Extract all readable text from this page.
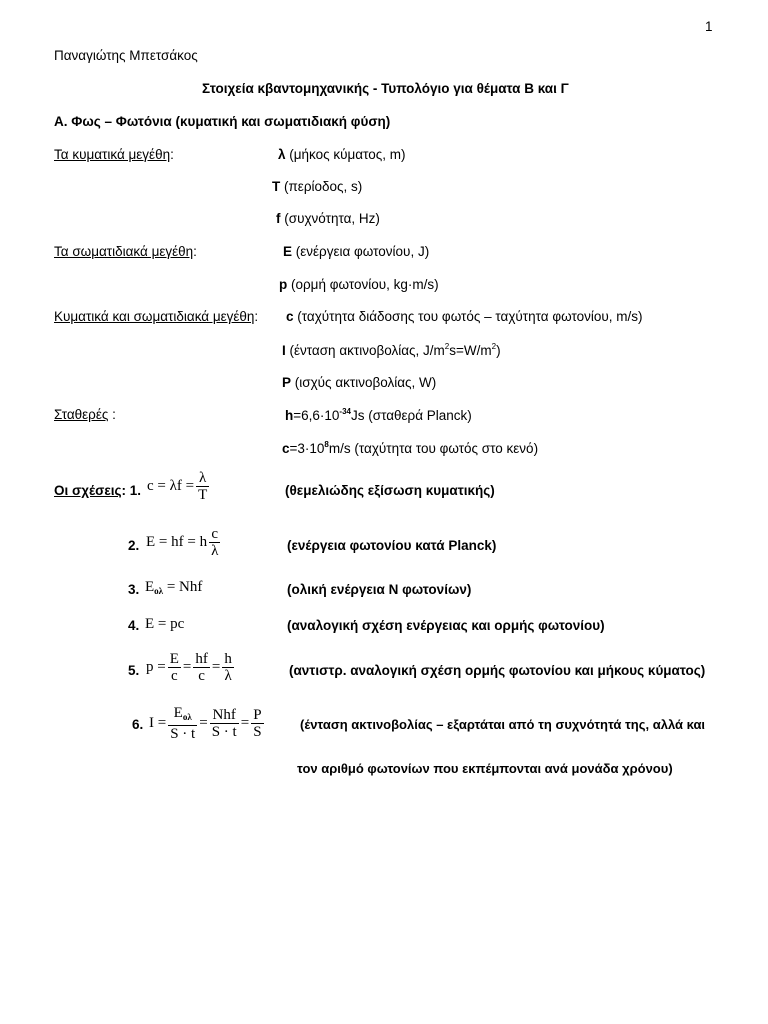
1
Παναγιώτης Μπετσάκος
Στοιχεία κβαντομηχανικής - Τυπολόγιο για θέματα Β και Γ
Α. Φως – Φωτόνια (κυματική και σωματιδιακή φύση)
Τα κυματικά μεγέθη:	λ (μήκος κύματος, m)
T (περίοδος, s)
f (συχνότητα, Hz)
Τα σωματιδιακά μεγέθη:	E (ενέργεια φωτονίου, J)
p (ορμή φωτονίου, kg·m/s)
Κυματικά και σωματιδιακά μεγέθη: c (ταχύτητα διάδοσης του φωτός – ταχύτητα φωτονίου, m/s)
I (ένταση ακτινοβολίας, $J/m^2s=W/m^2$)
P (ισχύς ακτινοβολίας, W)
Σταθερές :	$h=6,6\cdot 10^{-34}Js$ (σταθερά Planck)
$c=3\cdot 10^8m/s$ (ταχύτητα του φωτός στο κενό)
Οι σχέσεις: 1. $c = \lambda f = \frac{\lambda}{T}$	(θεμελιώδης εξίσωση κυματικής)
2. E = hf = h $\frac{c}{\lambda}$	(ενέργεια φωτονίου κατά Planck)
3. $E_{o\lambda}$ = Nhf	(ολική ενέργεια Ν φωτονίων)
4. E = pc	(αναλογική σχέση ενέργειας και ορμής φωτονίου)
5. $p = \frac{E}{c} = \frac{hf}{c} = \frac{h}{\lambda}$	(αντιστρ. αναλογική σχέση ορμής φωτονίου και μήκους κύματος)
6. $I = \frac{E_{o\lambda}}{S \cdot t} = \frac{\text{Nhf}}{S \cdot t} = \frac{P}{S}$	(ένταση ακτινοβολίας – εξαρτάται από τη συχνότητά της, αλλά και
τον αριθμό φωτονίων που εκπέμπονται ανά μονάδα χρόνου)
